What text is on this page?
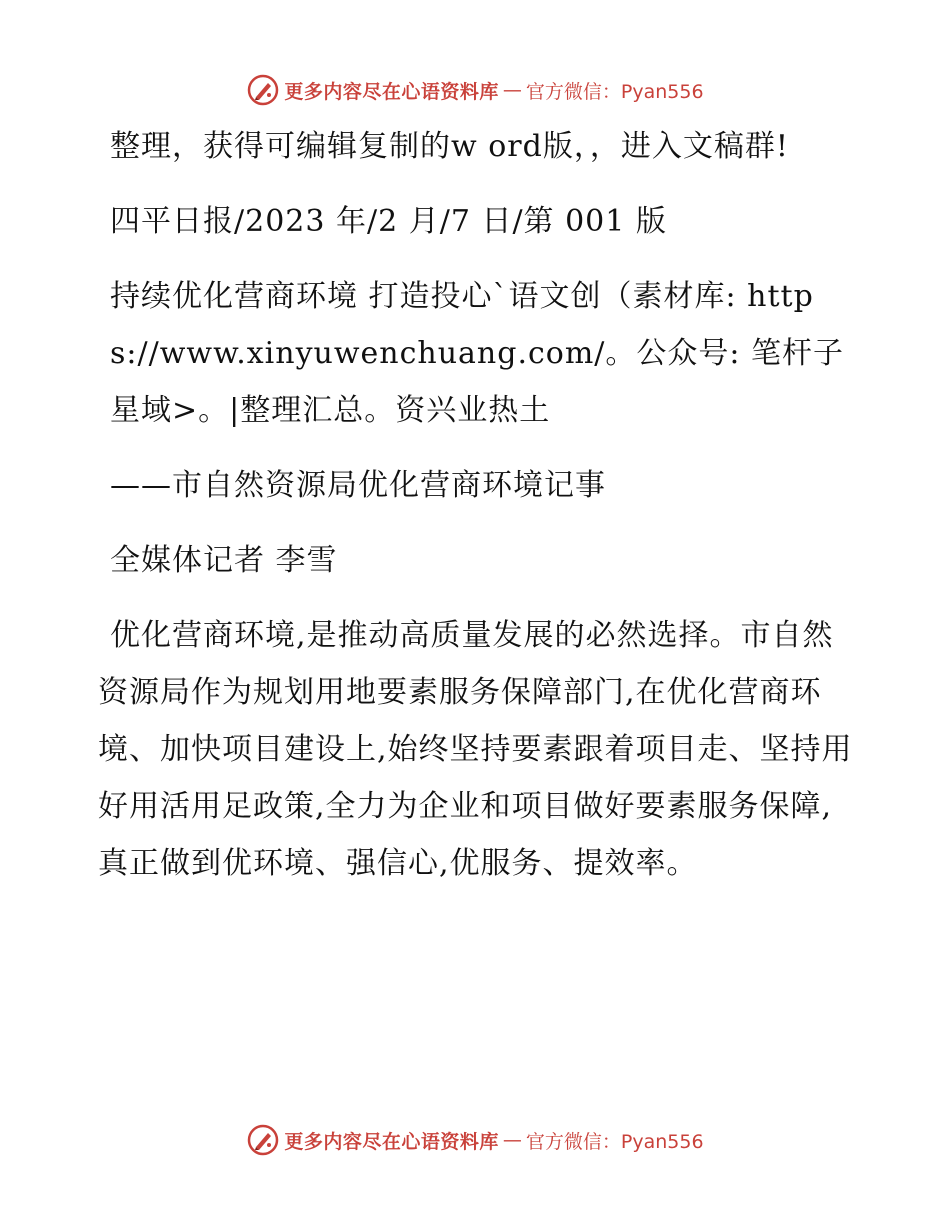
更多内容尽在心语资料库 — 官方微信：Pyan556

整理，获得可编辑复制的w ord版，，进入文稿群!

四平日报/2023 年/2 月/7 日/第 001 版

持续优化营商环境 打造投心ˋ语文创（素材库: https://www.xinyuwenchuang.com/。公众号: 笔杆子星域>。|整理汇总。资兴业热土

——市自然资源局优化营商环境记事

全媒体记者 李雪

优化营商环境,是推动高质量发展的必然选择。市自然资源局作为规划用地要素服务保障部门,在优化营商环境、加快项目建设上,始终坚持要素跟着项目走、坚持用好用活用足政策,全力为企业和项目做好要素服务保障,真正做到优环境、强信心,优服务、提效率。

更多内容尽在心语资料库 — 官方微信：Pyan556
